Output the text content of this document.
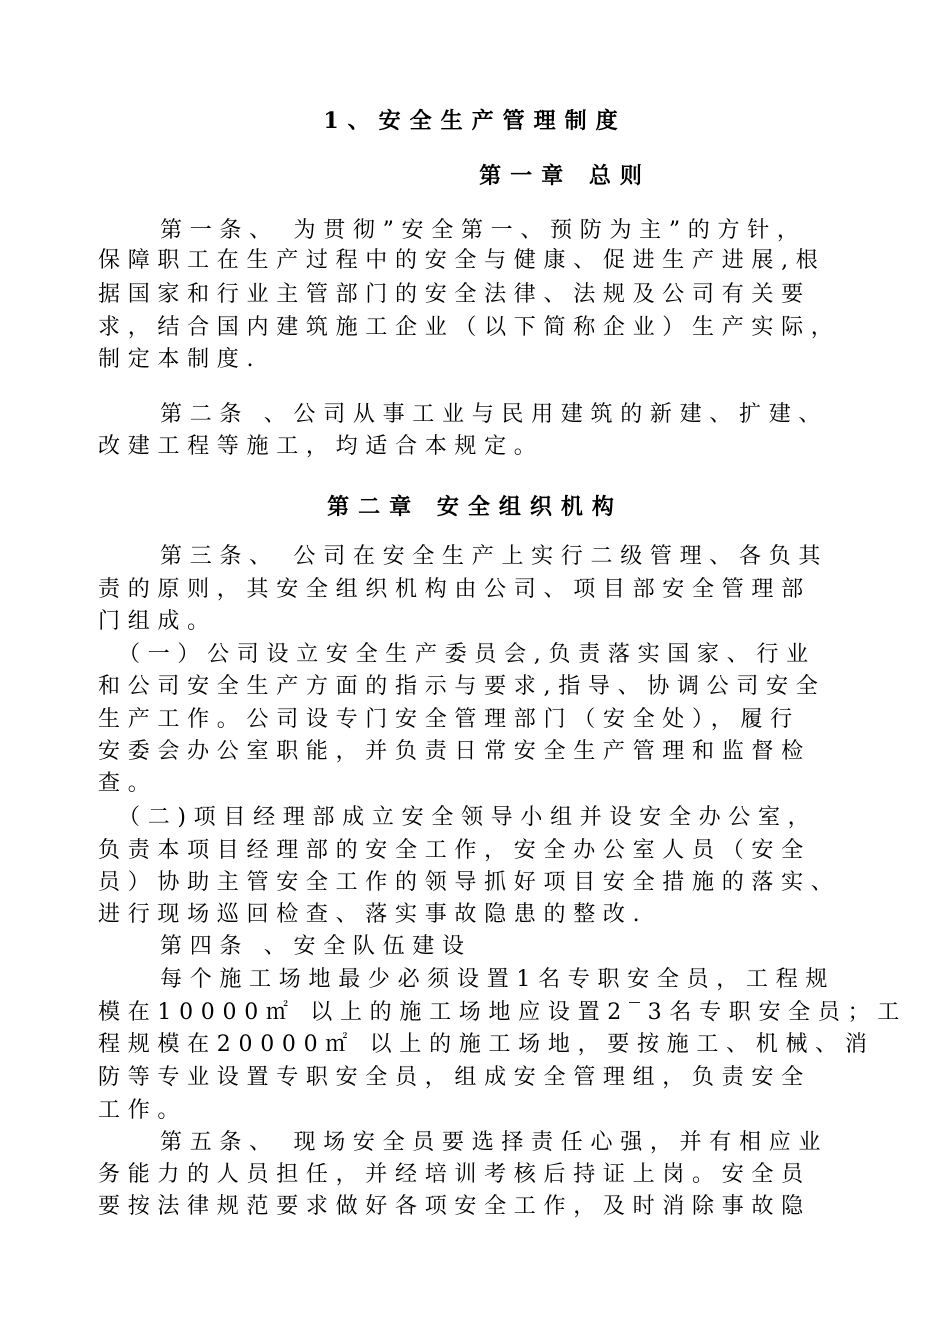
1、安全生产管理制度
第一章 总则
第一条、 为贯彻”安全第一、预防为主”的方针，
保障职工在生产过程中的安全与健康、促进生产进展,根
据国家和行业主管部门的安全法律、法规及公司有关要
求，结合国内建筑施工企业（以下简称企业）生产实际，
制定本制度.
第二条 、公司从事工业与民用建筑的新建、扩建、
改建工程等施工，均适合本规定。
第二章 安全组织机构
第三条、 公司在安全生产上实行二级管理、各负其
责的原则，其安全组织机构由公司、项目部安全管理部
门组成。
（一）公司设立安全生产委员会,负责落实国家、行业
和公司安全生产方面的指示与要求,指导、协调公司安全
生产工作。公司设专门安全管理部门（安全处），履行
安委会办公室职能，并负责日常安全生产管理和监督检
查。
（二)项目经理部成立安全领导小组并设安全办公室，
负责本项目经理部的安全工作，安全办公室人员（安全
员）协助主管安全工作的领导抓好项目安全措施的落实、
进行现场巡回检查、落实事故隐患的整改.
第四条 、安全队伍建设
每个施工场地最少必须设置1名专职安全员，工程规
模在10000㎡ 以上的施工场地应设置2‾3名专职安全员；工
程规模在20000㎡ 以上的施工场地，要按施工、机械、消
防等专业设置专职安全员，组成安全管理组，负责安全
工作。
第五条、 现场安全员要选择责任心强，并有相应业
务能力的人员担任，并经培训考核后持证上岗。安全员
要按法律规范要求做好各项安全工作，及时消除事故隐
